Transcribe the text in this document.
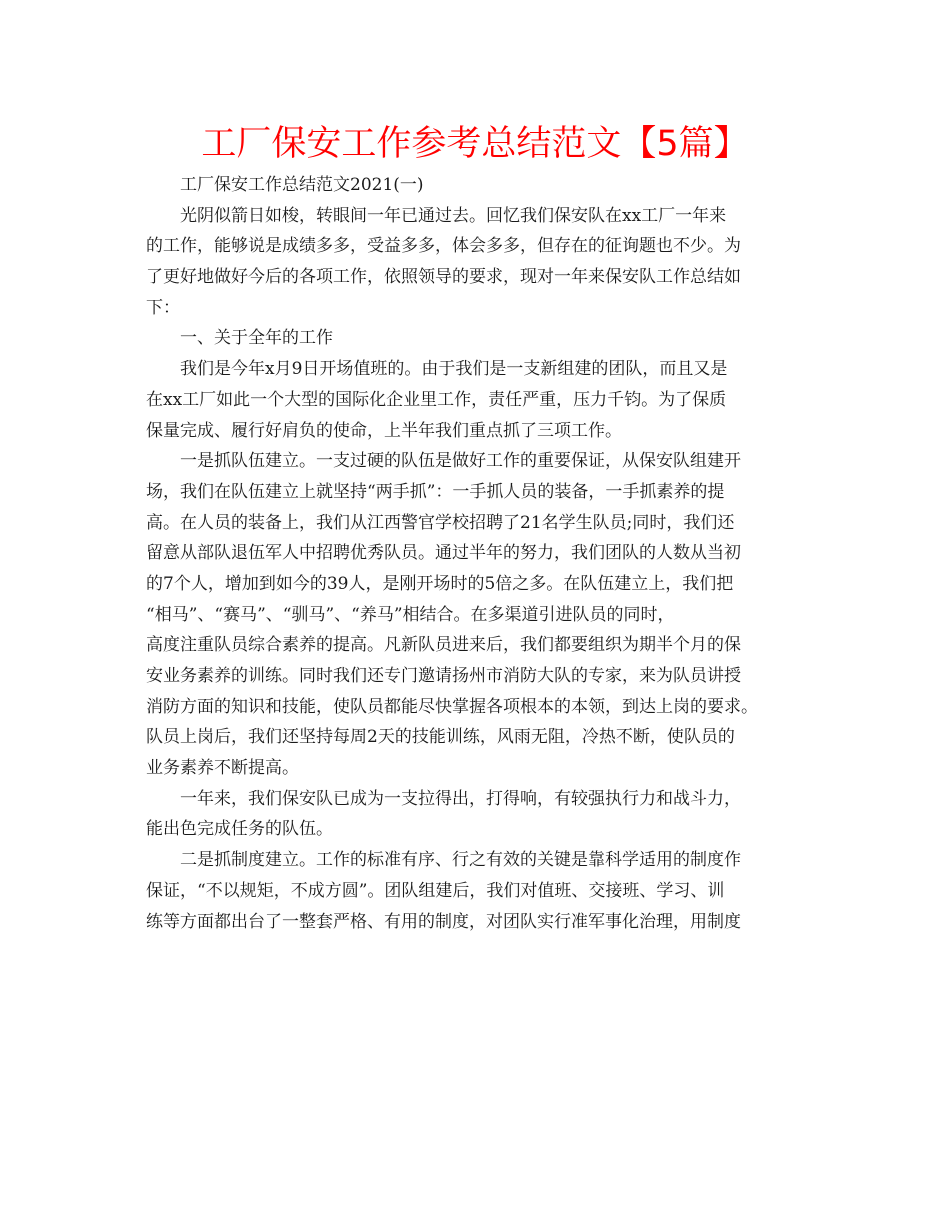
工厂保安工作参考总结范文【5篇】
工厂保安工作总结范文2021(一)
光阴似箭日如梭，转眼间一年已通过去。回忆我们保安队在xx工厂一年来
的工作，能够说是成绩多多，受益多多，体会多多，但存在的征询题也不少。为
了更好地做好今后的各项工作，依照领导的要求，现对一年来保安队工作总结如
下：
一、关于全年的工作
我们是今年x月9日开场值班的。由于我们是一支新组建的团队，而且又是
在xx工厂如此一个大型的国际化企业里工作，责任严重，压力千钧。为了保质
保量完成、履行好肩负的使命，上半年我们重点抓了三项工作。
一是抓队伍建立。一支过硬的队伍是做好工作的重要保证，从保安队组建开
场，我们在队伍建立上就坚持“两手抓”：一手抓人员的装备，一手抓素养的提
高。在人员的装备上，我们从江西警官学校招聘了21名学生队员;同时，我们还
留意从部队退伍军人中招聘优秀队员。通过半年的努力，我们团队的人数从当初
的7个人，增加到如今的39人，是刚开场时的5倍之多。在队伍建立上，我们把
“相马”、“赛马”、“驯马”、“养马”相结合。在多渠道引进队员的同时，
高度注重队员综合素养的提高。凡新队员进来后，我们都要组织为期半个月的保
安业务素养的训练。同时我们还专门邀请扬州市消防大队的专家，来为队员讲授
消防方面的知识和技能，使队员都能尽快掌握各项根本的本领，到达上岗的要求。
队员上岗后，我们还坚持每周2天的技能训练，风雨无阻，冷热不断，使队员的
业务素养不断提高。
一年来，我们保安队已成为一支拉得出，打得响，有较强执行力和战斗力，
能出色完成任务的队伍。
二是抓制度建立。工作的标准有序、行之有效的关键是靠科学适用的制度作
保证，“不以规矩，不成方圆”。团队组建后，我们对值班、交接班、学习、训
练等方面都出台了一整套严格、有用的制度，对团队实行准军事化治理，用制度
